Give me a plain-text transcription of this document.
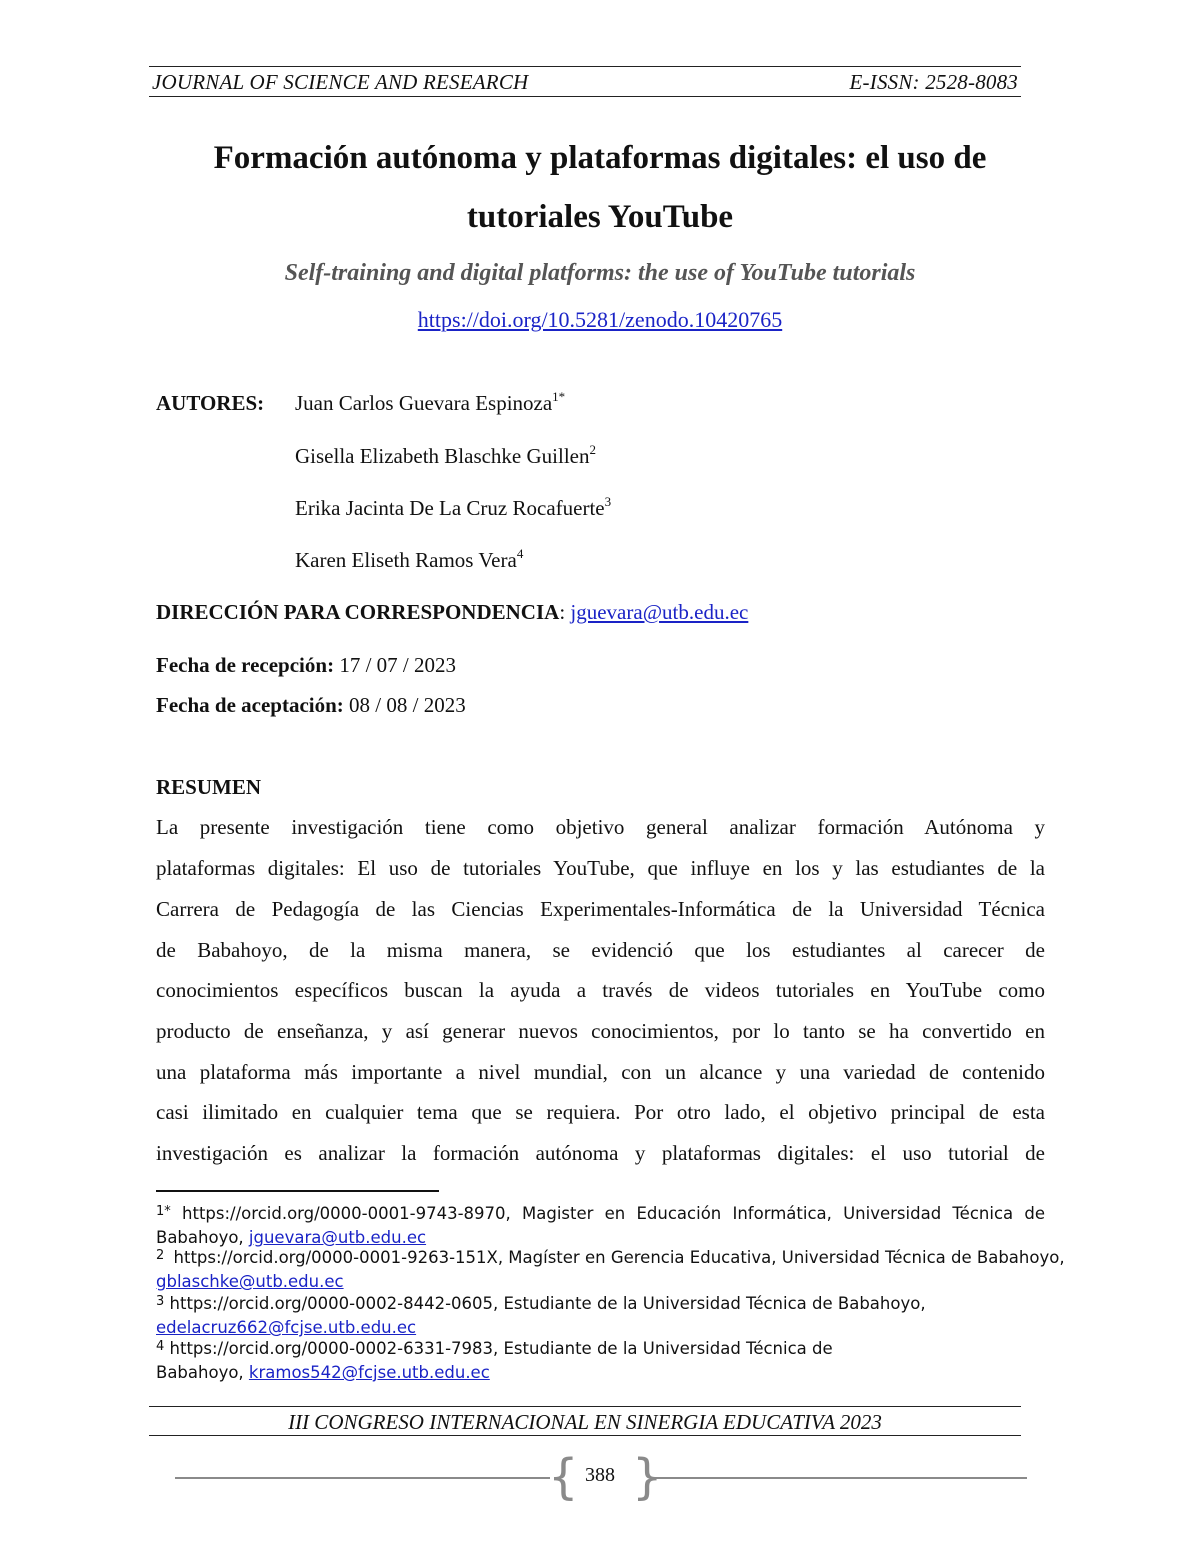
JOURNAL OF SCIENCE AND RESEARCH	E-ISSN: 2528-8083
Formación autónoma y plataformas digitales: el uso de
tutoriales YouTube
Self-training and digital platforms: the use of YouTube tutorials
https://doi.org/10.5281/zenodo.10420765
AUTORES: Juan Carlos Guevara Espinoza$^{1*}$
Gisella Elizabeth Blaschke Guillen$^2$
Erika Jacinta De La Cruz Rocafuerte$^3$
Karen Eliseth Ramos Vera$^4$
DIRECCIÓN PARA CORRESPONDENCIA: jguevara@utb.edu.ec
Fecha de recepción: 17 / 07 / 2023
Fecha de aceptación: 08 / 08 / 2023
RESUMEN
La presente investigación tiene como objetivo general analizar formación Autónoma y
plataformas digitales: El uso de tutoriales YouTube, que influye en los y las estudiantes de la
Carrera de Pedagogía de las Ciencias Experimentales-Informática de la Universidad Técnica
de Babahoyo, de la misma manera, se evidenció que los estudiantes al carecer de
conocimientos específicos buscan la ayuda a través de videos tutoriales en YouTube como
producto de enseñanza, y así generar nuevos conocimientos, por lo tanto se ha convertido en
una plataforma más importante a nivel mundial, con un alcance y una variedad de contenido
casi ilimitado en cualquier tema que se requiera. Por otro lado, el objetivo principal de esta
investigación es analizar la formación autónoma y plataformas digitales: el uso tutorial de
$^{1*}$ https://orcid.org/0000-0001-9743-8970, Magister en Educación Informática, Universidad Técnica de
Babahoyo, jguevara@utb.edu.ec
$^2$ https://orcid.org/0000-0001-9263-151X, Magíster en Gerencia Educativa, Universidad Técnica de Babahoyo,
gblaschke@utb.edu.ec
$^3$ https://orcid.org/0000-0002-8442-0605, Estudiante de la Universidad Técnica de Babahoyo,
edelacruz662@fcjse.utb.edu.ec
$^4$ https://orcid.org/0000-0002-6331-7983, Estudiante de la Universidad Técnica de
Babahoyo, kramos542@fcjse.utb.edu.ec
III CONGRESO INTERNACIONAL EN SINERGIA EDUCATIVA 2023
{ 388 }
